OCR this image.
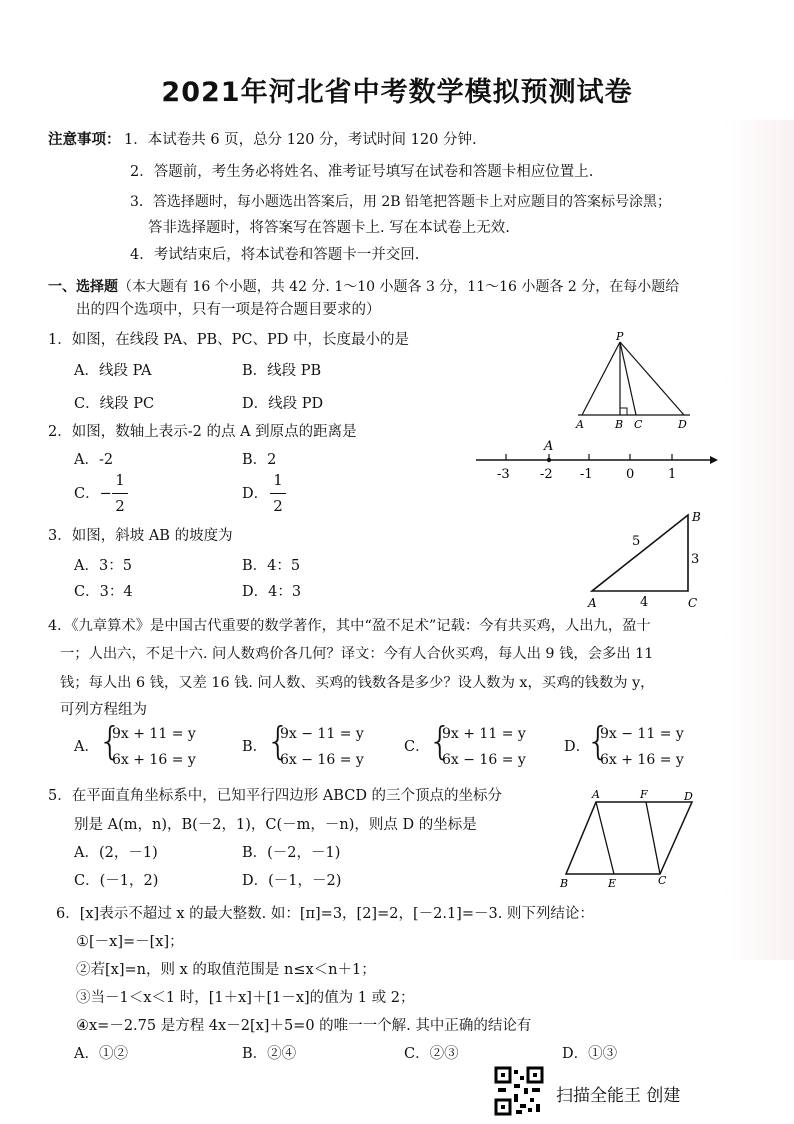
2021年河北省中考数学模拟预测试卷
注意事项： 1．本试卷共 6 页，总分 120 分，考试时间 120 分钟.
2．答题前，考生务必将姓名、准考证号填写在试卷和答题卡相应位置上.
3．答选择题时，每小题选出答案后，用 2B 铅笔把答题卡上对应题目的答案标号涂黑；
答非选择题时，将答案写在答题卡上. 写在本试卷上无效.
4．考试结束后，将本试卷和答题卡一并交回.
一、选择题（本大题有 16 个小题，共 42 分. 1～10 小题各 3 分，11～16 小题各 2 分，在每小题给
出的四个选项中，只有一项是符合题目要求的）
1．如图，在线段 PA、PB、PC、PD 中，长度最小的是
A．线段 PA	B．线段 PB
C．线段 PC	D．线段 PD
P
A	B C	D
2．如图，数轴上表示-2 的点 A 到原点的距离是
A．-2	B．2
C．−
1
2
D．
1
2
A
-3 -2 -1	0	1
3．如图，斜坡 AB 的坡度为
A．3：5	B．4：5
C．3：4	D．4：3
A
B
C
5
3
4
4．《九章算术》是中国古代重要的数学著作，其中“盈不足术”记载：今有共买鸡，人出九，盈十
一；人出六，不足十六. 问人数鸡价各几何？译文：今有人合伙买鸡，每人出 9 钱，会多出 11
钱；每人出 6 钱，又差 16 钱. 问人数、买鸡的钱数各是多少？设人数为 x，买鸡的钱数为 y，
可列方程组为
A． {
9x + 11 = y
6x + 16 = y
B．
{
9x − 11 = y
6x − 16 = y
C．
{
9x + 11 = y
6x − 16 = y
D．
{
9x − 11 = y
6x + 16 = y
5．在平面直角坐标系中，已知平行四边形 ABCD 的三个顶点的坐标分
别是 A(m，n)，B(－2，1)，C(－m，－n)，则点 D 的坐标是
A．(2，－1)	B．(－2，－1)
C．(－1，2)	D．(－1，－2)
A	F	D
B	E	C
6．[x]表示不超过 x 的最大整数. 如：[π]=3，[2]=2，[－2.1]=－3. 则下列结论：
①[－x]=－[x]；
②若[x]=n，则 x 的取值范围是 n≤x＜n＋1；
③当－1＜x＜1 时，[1＋x]＋[1－x]的值为 1 或 2；
④x=－2.75 是方程 4x－2[x]＋5=0 的唯一一个解. 其中正确的结论有
A．①②	B．②④	C．②③	D．①③
扫描全能王 创建
